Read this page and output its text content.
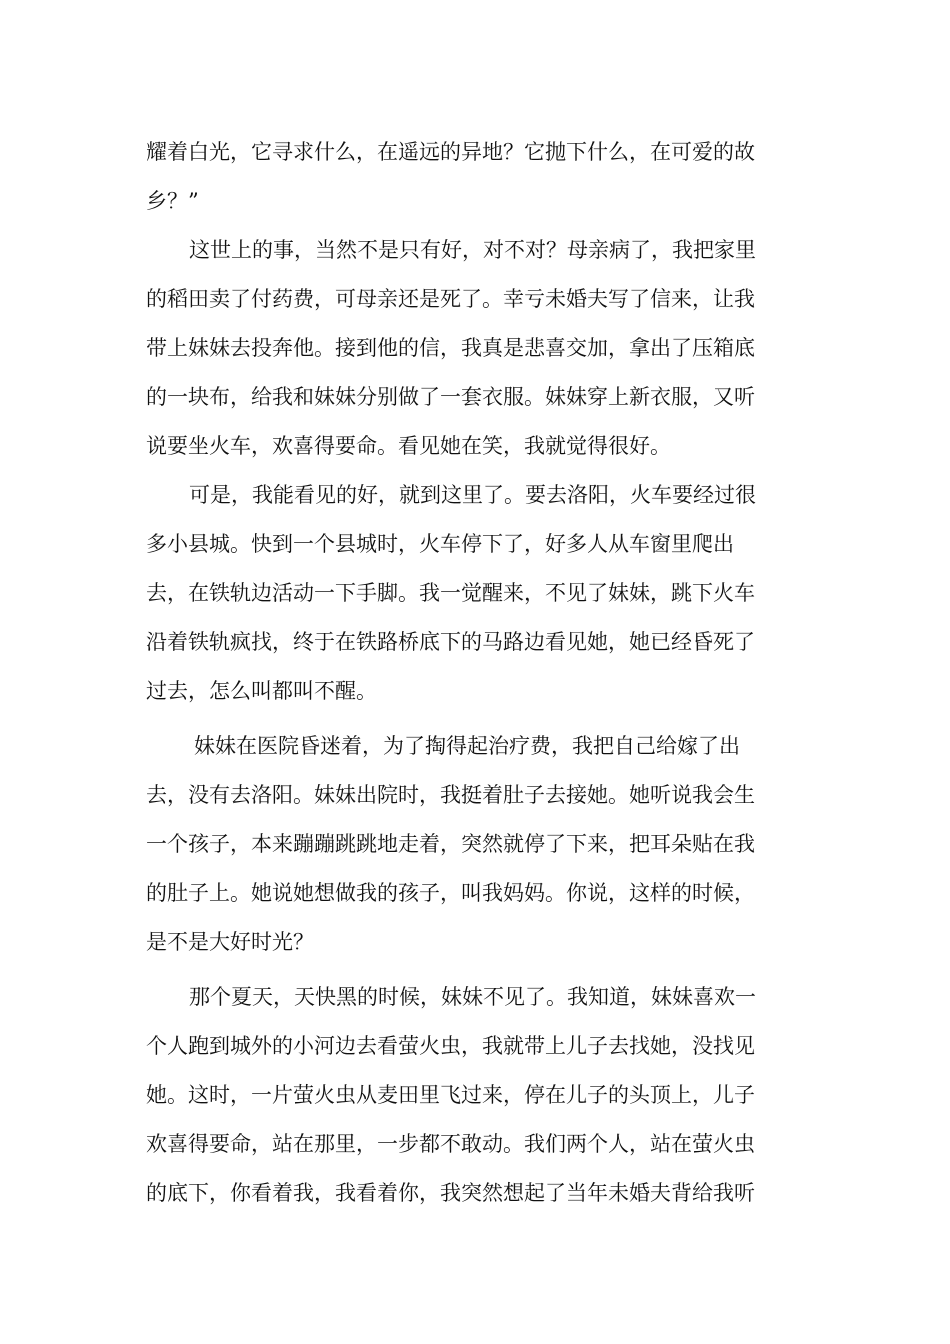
耀着白光，它寻求什么，在遥远的异地？它抛下什么，在可爱的故
乡？”
这世上的事，当然不是只有好，对不对？母亲病了，我把家里
的稻田卖了付药费，可母亲还是死了。幸亏未婚夫写了信来，让我
带上妹妹去投奔他。接到他的信，我真是悲喜交加，拿出了压箱底
的一块布，给我和妹妹分别做了一套衣服。妹妹穿上新衣服，又听
说要坐火车，欢喜得要命。看见她在笑，我就觉得很好。
可是，我能看见的好，就到这里了。要去洛阳，火车要经过很
多小县城。快到一个县城时，火车停下了，好多人从车窗里爬出
去，在铁轨边活动一下手脚。我一觉醒来，不见了妹妹，跳下火车
沿着铁轨疯找，终于在铁路桥底下的马路边看见她，她已经昏死了
过去，怎么叫都叫不醒。
妹妹在医院昏迷着，为了掏得起治疗费，我把自己给嫁了出
去，没有去洛阳。妹妹出院时，我挺着肚子去接她。她听说我会生
一个孩子，本来蹦蹦跳跳地走着，突然就停了下来，把耳朵贴在我
的肚子上。她说她想做我的孩子，叫我妈妈。你说，这样的时候，
是不是大好时光？
那个夏天，天快黑的时候，妹妹不见了。我知道，妹妹喜欢一
个人跑到城外的小河边去看萤火虫，我就带上儿子去找她，没找见
她。这时，一片萤火虫从麦田里飞过来，停在儿子的头顶上，儿子
欢喜得要命，站在那里，一步都不敢动。我们两个人，站在萤火虫
的底下，你看着我，我看着你，我突然想起了当年未婚夫背给我听
